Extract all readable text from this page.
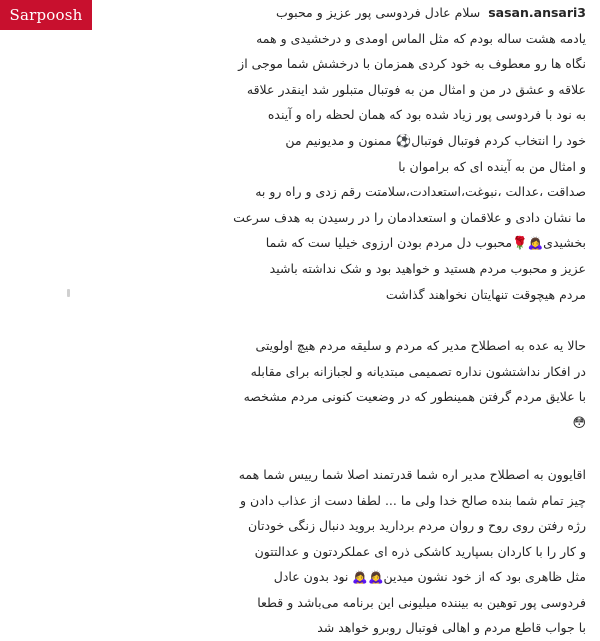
Sarpoosh	sasan.ansari3 سلام عادل فردوسی پور عزیز و محبوب
یادمه هشت ساله بودم که مثل الماس اومدی و درخشیدی و همه
نگاه ها رو معطوف به خود کردی همزمان با درخشش شما موجی از
علاقه و عشق در من و امثال من به فوتبال متبلور شد اینقدر علاقه
به نود با فردوسی پور زیاد شده بود که همان لحظه راه و آینده
خود را انتخاب کردم فوتبال فوتبال⚽ ممنون و مدیونیم من
و امثال من به آینده ای که براموان با
صداقت ،عدالت ،نبوغت،استعدادت،سلامتت رقم زدی و راه رو به
ما نشان دادی و علاقمان و استعدادمان را در رسیدن به هدف سرعت
بخشیدی🙇‍♀️🌹محبوب دل مردم بودن ارزوی خیلیا ست که شما
عزیز و محبوب مردم هستید و خواهید بود و شک نداشته باشید
مردم هیچوقت تنهایتان نخواهند گذاشت
حالا یه عده به اصطلاح مدیر که مردم و سلیقه مردم هیچ اولویتی
در افکار نداشتشون نداره تصمیمی مبتدیانه و لجبازانه برای مقابله
با علایق مردم گرفتن همینطور که در وضعیت کنونی مردم مشخصه
😳
اقایوون به اصطلاح مدیر اره شما قدرتمند اصلا شما رییس شما همه
چیز تمام شما بنده صالح خدا ولی ما ... لطفا دست از عذاب دادن و
رژه رفتن روی روح و روان مردم بردارید بروید دنبال زنگی خودتان
و کار را با کاردان بسپارید کاشکی ذره ای عملکردتون و عدالتتون
مثل ظاهری بود که از خود نشون میدین🙇‍♀️🙇‍♀️ نود بدون عادل
فردوسی پور توهین به بیننده میلیونی این برنامه می‌باشد و قطعا
با جواب قاطع مردم و اهالی فوتبال روبرو خواهد شد
